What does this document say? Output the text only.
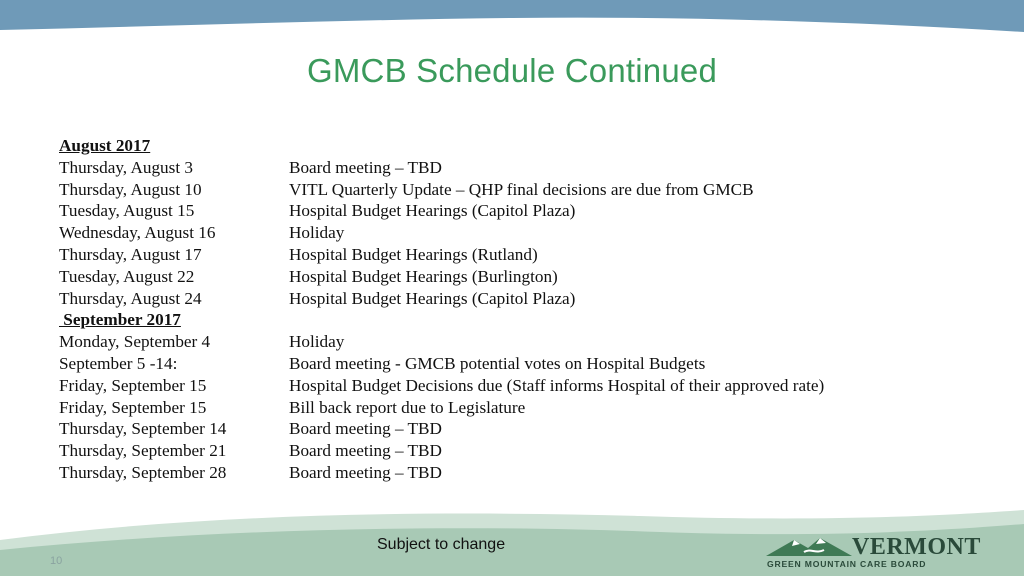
GMCB Schedule Continued
August 2017
Thursday, August 3	Board meeting – TBD
Thursday, August 10	VITL Quarterly Update – QHP final decisions are due from GMCB
Tuesday, August 15	Hospital Budget Hearings (Capitol Plaza)
Wednesday, August 16	Holiday
Thursday, August 17	Hospital Budget Hearings (Rutland)
Tuesday, August 22	Hospital Budget Hearings (Burlington)
Thursday, August 24	Hospital Budget Hearings (Capitol Plaza)
September 2017
Monday, September 4	Holiday
September 5 -14:	Board meeting - GMCB potential votes on Hospital Budgets
Friday, September 15	Hospital Budget Decisions due (Staff informs Hospital of their approved rate)
Friday, September 15	Bill back report due to Legislature
Thursday, September 14	Board meeting – TBD
Thursday, September 21	Board meeting – TBD
Thursday, September 28	Board meeting – TBD
Subject to change
10
VERMONT
GREEN MOUNTAIN CARE BOARD
